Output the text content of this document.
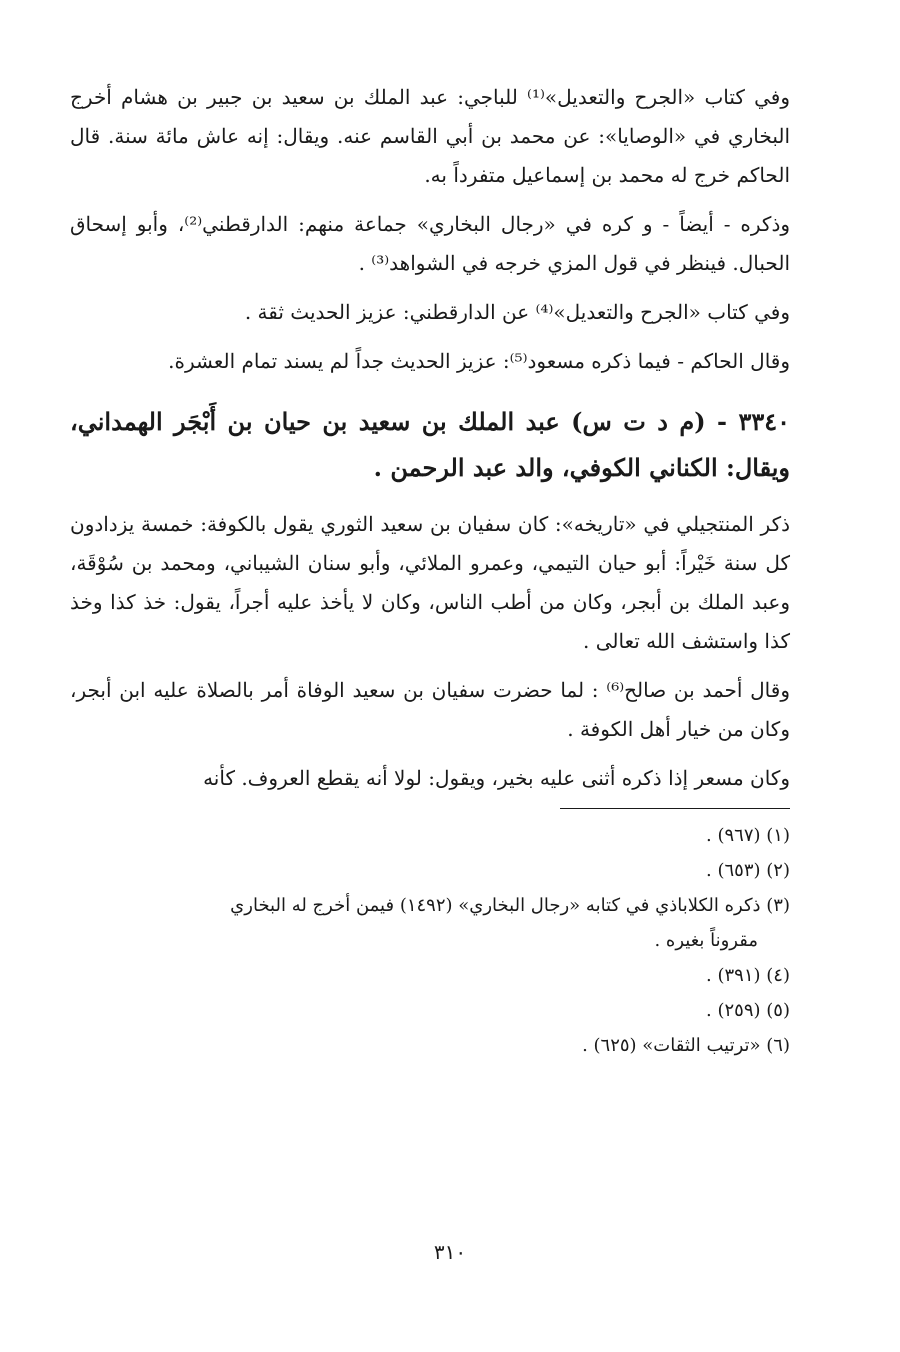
وفي كتاب «الجرح والتعديل»⁽¹⁾ للباجي: عبد الملك بن سعيد بن جبير بن هشام أخرج البخاري في «الوصايا»: عن محمد بن أبي القاسم عنه. ويقال: إنه عاش مائة سنة. قال الحاكم خرج له محمد بن إسماعيل متفرداً به.

وذكره - أيضاً - و كره في «رجال البخاري» جماعة منهم: الدارقطني⁽²⁾، وأبو إسحاق الحبال. فينظر في قول المزي خرجه في الشواهد⁽³⁾ .

وفي كتاب «الجرح والتعديل»⁽⁴⁾ عن الدارقطني: عزيز الحديث ثقة .

وقال الحاكم - فيما ذكره مسعود⁽⁵⁾: عزيز الحديث جداً لم يسند تمام العشرة.

٣٣٤٠ - (م د ت س) عبد الملك بن سعيد بن حيان بن أَبْجَر الهمداني، ويقال: الكناني الكوفي، والد عبد الرحمن .

ذكر المنتجيلي في «تاريخه»: كان سفيان بن سعيد الثوري يقول بالكوفة: خمسة يزدادون كل سنة خَيْراً: أبو حيان التيمي، وعمرو الملائي، وأبو سنان الشيباني، ومحمد بن سُوْقَة، وعبد الملك بن أبجر، وكان من أطب الناس، وكان لا يأخذ عليه أجراً، يقول: خذ كذا وخذ كذا واستشف الله تعالى .

وقال أحمد بن صالح⁽⁶⁾ : لما حضرت سفيان بن سعيد الوفاة أمر بالصلاة عليه ابن أبجر، وكان من خيار أهل الكوفة .

وكان مسعر إذا ذكره أثنى عليه بخير، ويقول: لولا أنه يقطع العروف. كأنه

(١) (٩٦٧) .

(٢) (٦٥٣) .

(٣) ذكره الكلاباذي في كتابه «رجال البخاري» (١٤٩٢) فيمن أخرج له البخاري

مقروناً بغيره .

(٤) (٣٩١) .

(٥) (٢٥٩) .

(٦) «ترتيب الثقات» (٦٢٥) .

٣١٠
